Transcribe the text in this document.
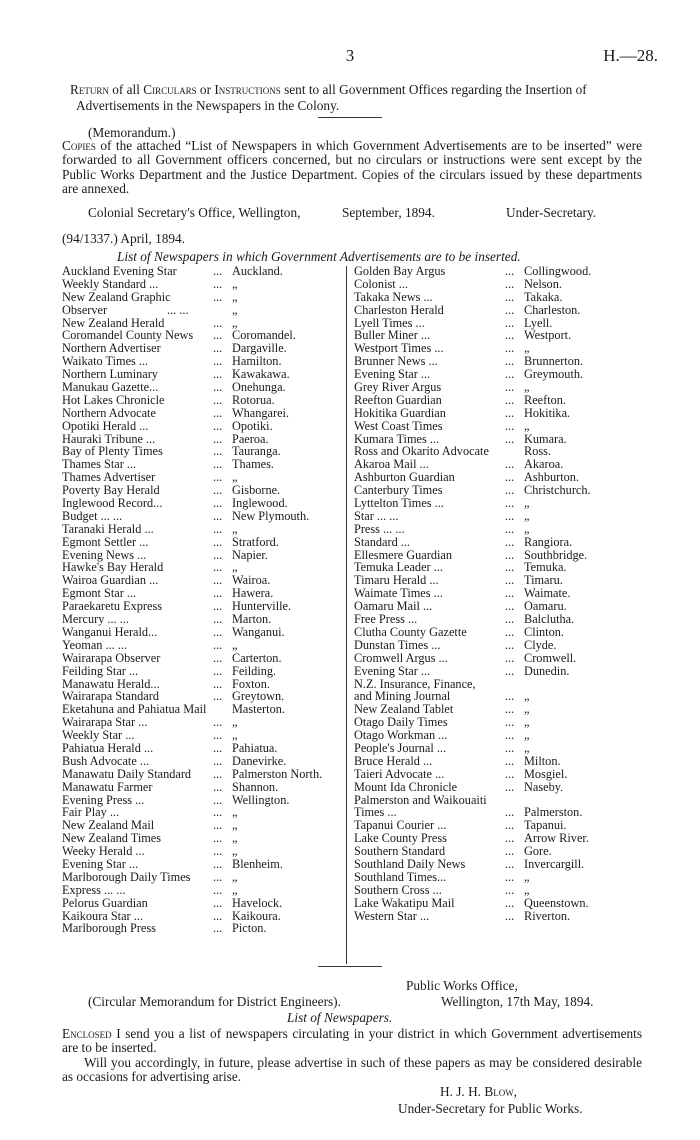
3	H.—28.
Return of all Circulars or Instructions sent to all Government Offices regarding the Insertion of Advertisements in the Newspapers in the Colony.
(Memorandum.)
Copies of the attached “List of Newspapers in which Government Advertisements are to be inserted” were forwarded to all Government officers concerned, but no circulars or instructions were sent except by the Public Works Department and the Justice Department. Copies of the circulars issued by these departments are annexed.
Colonial Secretary's Office, Wellington,	September, 1894.	Under-Secretary.
(94/1337.) April, 1894.
List of Newspapers in which Government Advertisements are to be inserted.
Auckland Evening Star	... Auckland.
Weekly Standard ...	... „
New Zealand Graphic	... „
Observer	... ...	„
New Zealand Herald	... „
Coromandel County News ... Coromandel.
Northern Advertiser	... Dargaville.
Waikato Times ...	... Hamilton.
Northern Luminary	... Kawakawa.
Manukau Gazette...	... Onehunga.
Hot Lakes Chronicle	... Rotorua.
Northern Advocate	... Whangarei.
Opotiki Herald ...	... Opotiki.
Hauraki Tribune ...	... Paeroa.
Bay of Plenty Times	... Tauranga.
Thames Star ...	... Thames.
Thames Advertiser	... „
Poverty Bay Herald	... Gisborne.
Inglewood Record...	... Inglewood.
Budget ... ...	... New Plymouth.
Taranaki Herald ...	... „
Egmont Settler ...	... Stratford.
Evening News ...	... Napier.
Hawke's Bay Herald	... „
Wairoa Guardian ...	... Wairoa.
Egmont Star ...	... Hawera.
Paraekaretu Express	... Hunterville.
Mercury ... ...	... Marton.
Wanganui Herald...	... Wanganui.
Yeoman ... ...	... „
Wairarapa Observer	... Carterton.
Feilding Star ...	... Feilding.
Manawatu Herald...	... Foxton.
Wairarapa Standard	... Greytown.
Eketahuna and Pahiatua Mail Masterton.
Wairarapa Star ...	... „
Weekly Star ...	... „
Pahiatua Herald ...	... Pahiatua.
Bush Advocate ...	... Danevirke.
Manawatu Daily Standard ... Palmerston North.
Manawatu Farmer	... Shannon.
Evening Press ...	... Wellington.
Fair Play ...	... „
New Zealand Mail	... „
New Zealand Times	... „
Weeky Herald ...	... „
Evening Star ...	... Blenheim.
Marlborough Daily Times ... „
Express ... ...	... „
Pelorus Guardian	... Havelock.
Kaikoura Star ...	... Kaikoura.
Marlborough Press	... Picton.
Golden Bay Argus	... Collingwood.
Colonist ...	... Nelson.
Takaka News ...	... Takaka.
Charleston Herald	... Charleston.
Lyell Times ...	... Lyell.
Buller Miner ...	... Westport.
Westport Times ...	... „
Brunner News ...	... Brunnerton.
Evening Star ...	... Greymouth.
Grey River Argus	... „
Reefton Guardian	... Reefton.
Hokitika Guardian	... Hokitika.
West Coast Times	... „
Kumara Times ...	... Kumara.
Ross and Okarito Advocate	Ross.
Akaroa Mail ...	... Akaroa.
Ashburton Guardian	... Ashburton.
Canterbury Times	... Christchurch.
Lyttelton Times ...	... „
Star ... ...	... „
Press ... ...	... „
Standard ...	... Rangiora.
Ellesmere Guardian	... Southbridge.
Temuka Leader ...	... Temuka.
Timaru Herald ...	... Timaru.
Waimate Times ...	... Waimate.
Oamaru Mail ...	... Oamaru.
Free Press ...	... Balclutha.
Clutha County Gazette	... Clinton.
Dunstan Times ...	... Clyde.
Cromwell Argus ...	... Cromwell.
Evening Star ...	... Dunedin.
N.Z. Insurance, Finance,
and Mining Journal	... „
New Zealand Tablet	... „
Otago Daily Times	... „
Otago Workman ...	... „
People's Journal ...	... „
Bruce Herald ...	... Milton.
Taieri Advocate ...	... Mosgiel.
Mount Ida Chronicle	... Naseby.
Palmerston and Waikouaiti
Times ...	... Palmerston.
Tapanui Courier ...	... Tapanui.
Lake County Press	... Arrow River.
Southern Standard	... Gore.
Southland Daily News	... Invercargill.
Southland Times...	... „
Southern Cross ...	... „
Lake Wakatipu Mail	... Queenstown.
Western Star ...	... Riverton.
Public Works Office,
(Circular Memorandum for District Engineers).	Wellington, 17th May, 1894.
List of Newspapers.
Enclosed I send you a list of newspapers circulating in your district in which Government advertisements are to be inserted.
Will you accordingly, in future, please advertise in such of these papers as may be considered desirable as occasions for advertising arise.
H. J. H. Blow,
Under-Secretary for Public Works.
